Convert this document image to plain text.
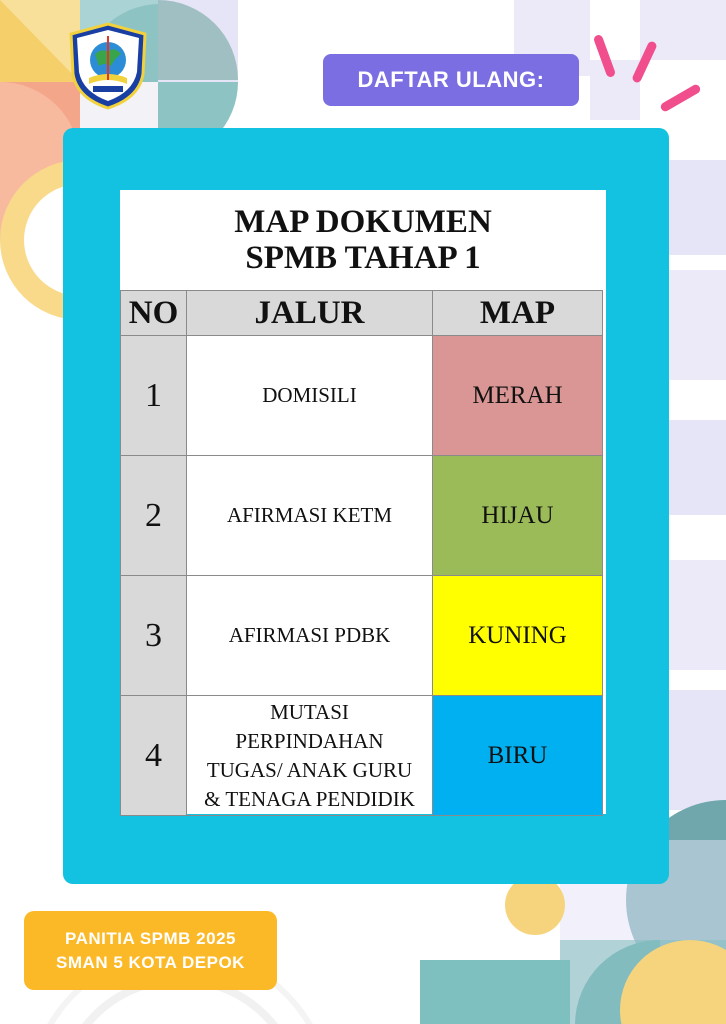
DAFTAR ULANG:
MAP DOKUMEN
SPMB TAHAP 1
NO	JALUR	MAP
1	DOMISILI	MERAH
2	AFIRMASI KETM	HIJAU
3	AFIRMASI PDBK	KUNING
4	MUTASI
PERPINDAHAN
TUGAS/ ANAK GURU
& TENAGA PENDIDIK	BIRU
PANITIA SPMB 2025
SMAN 5 KOTA DEPOK
